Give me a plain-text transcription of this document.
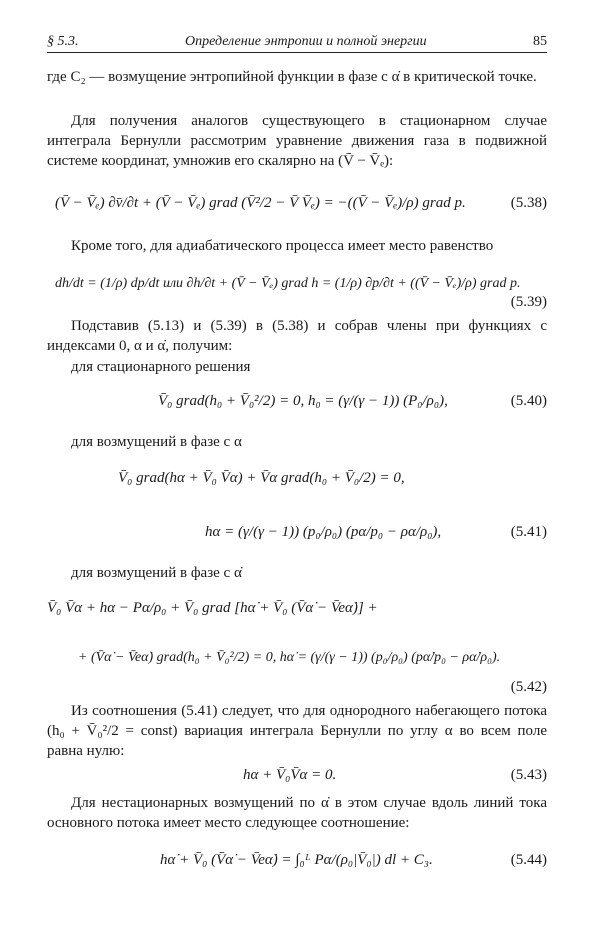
§ 5.3.	Определение энтропии и полной энергии	85

где C₂ — возмущение энтропийной функции в фазе с α̇ в критической точке.

Для получения аналогов существующего в стационарном случае интеграла Бернулли рассмотрим уравнение движения газа в подвижной системе координат, умножив его скалярно на (V̄ − V̄ₑ):

(V̄ − V̄ₑ) ∂v̄/∂t + (V̄ − V̄ₑ) grad (V̄²/2 − V̄ V̄ₑ) = −((V̄ − V̄ₑ)/ρ) grad p.	(5.38)

Кроме того, для адиабатического процесса имеет место равенство

dh/dt = (1/ρ) dp/dt или ∂h/∂t + (V̄ − V̄ₑ) grad h = (1/ρ) ∂p/∂t + ((V̄ − V̄ₑ)/ρ) grad p.
(5.39)

Подставив (5.13) и (5.39) в (5.38) и собрав члены при функциях с индексами 0, α и α̇, получим:

для стационарного решения

V̄₀ grad(h₀ + V̄₀²/2) = 0, h₀ = (γ/(γ − 1)) (P₀/ρ₀),	(5.40)

для возмущений в фазе с α

V̄₀ grad(hα + V̄₀ V̄α) + V̄α grad(h₀ + V̄₀/2) = 0,
hα = (γ/(γ − 1)) (p₀/ρ₀) (pα/p₀ − ρα/ρ₀),	(5.41)

для возмущений в фазе с α̇

V̄₀ V̄α + hα − Pα/ρ₀ + V̄₀ grad [hα̇ + V̄₀ (V̄α̇ − V̄eα̇)] +
+ (V̄α̇ − V̄eα̇) grad(h₀ + V̄₀²/2) = 0, hα̇ = (γ/(γ − 1)) (p₀/ρ₀) (pα̇/p₀ − ρα̇/ρ₀).
(5.42)

Из соотношения (5.41) следует, что для однородного набегающего потока (h₀ + V̄₀²/2 = const) вариация интеграла Бернулли по углу α во всем поле равна нулю:

hα + V̄₀V̄α = 0.	(5.43)

Для нестационарных возмущений по α̇ в этом случае вдоль линий тока основного потока имеет место следующее соотношение:

hα̇ + V̄₀ (V̄α̇ − V̄eα̇) = ∫₀ᴸ Pα/(ρ₀|V̄₀|) dl + C₃.	(5.44)
